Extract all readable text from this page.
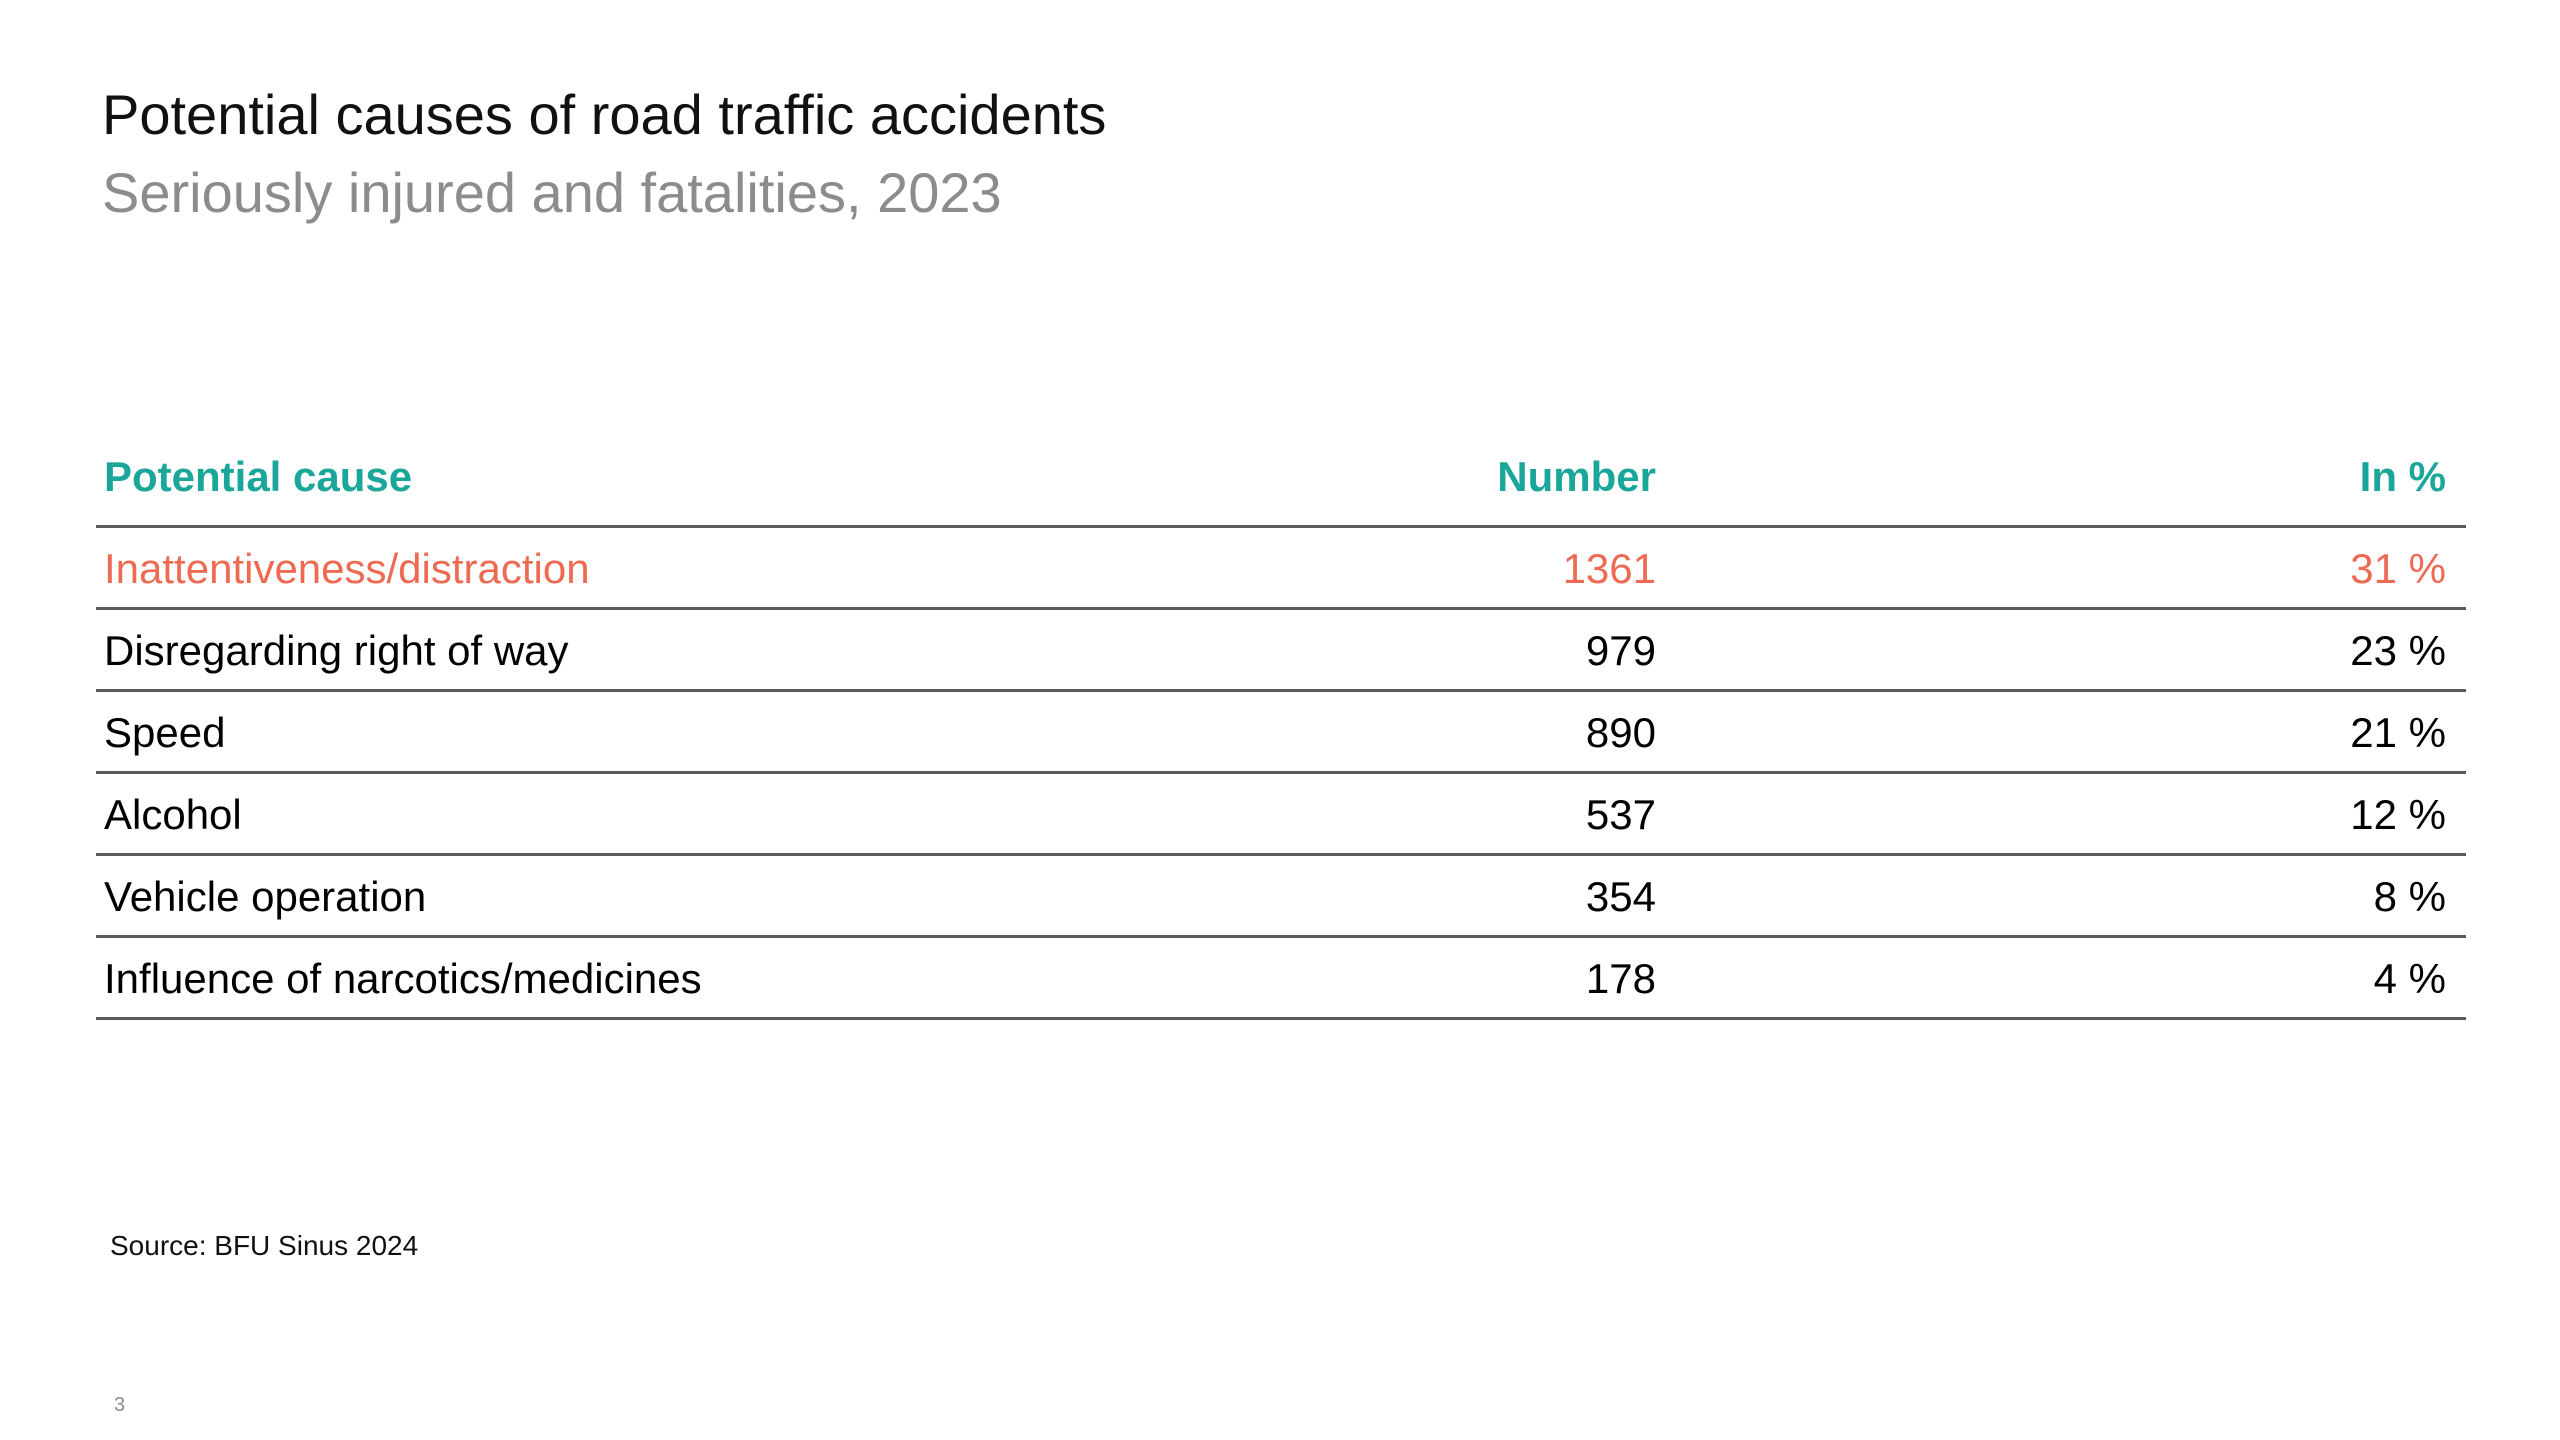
Potential causes of road traffic accidents
Seriously injured and fatalities, 2023
Potential cause	Number	In %
Inattentiveness/distraction	1361	31 %
Disregarding right of way	979	23 %
Speed	890	21 %
Alcohol	537	12 %
Vehicle operation	354	8 %
Influence of narcotics/medicines	178	4 %
Source: BFU Sinus 2024
3
